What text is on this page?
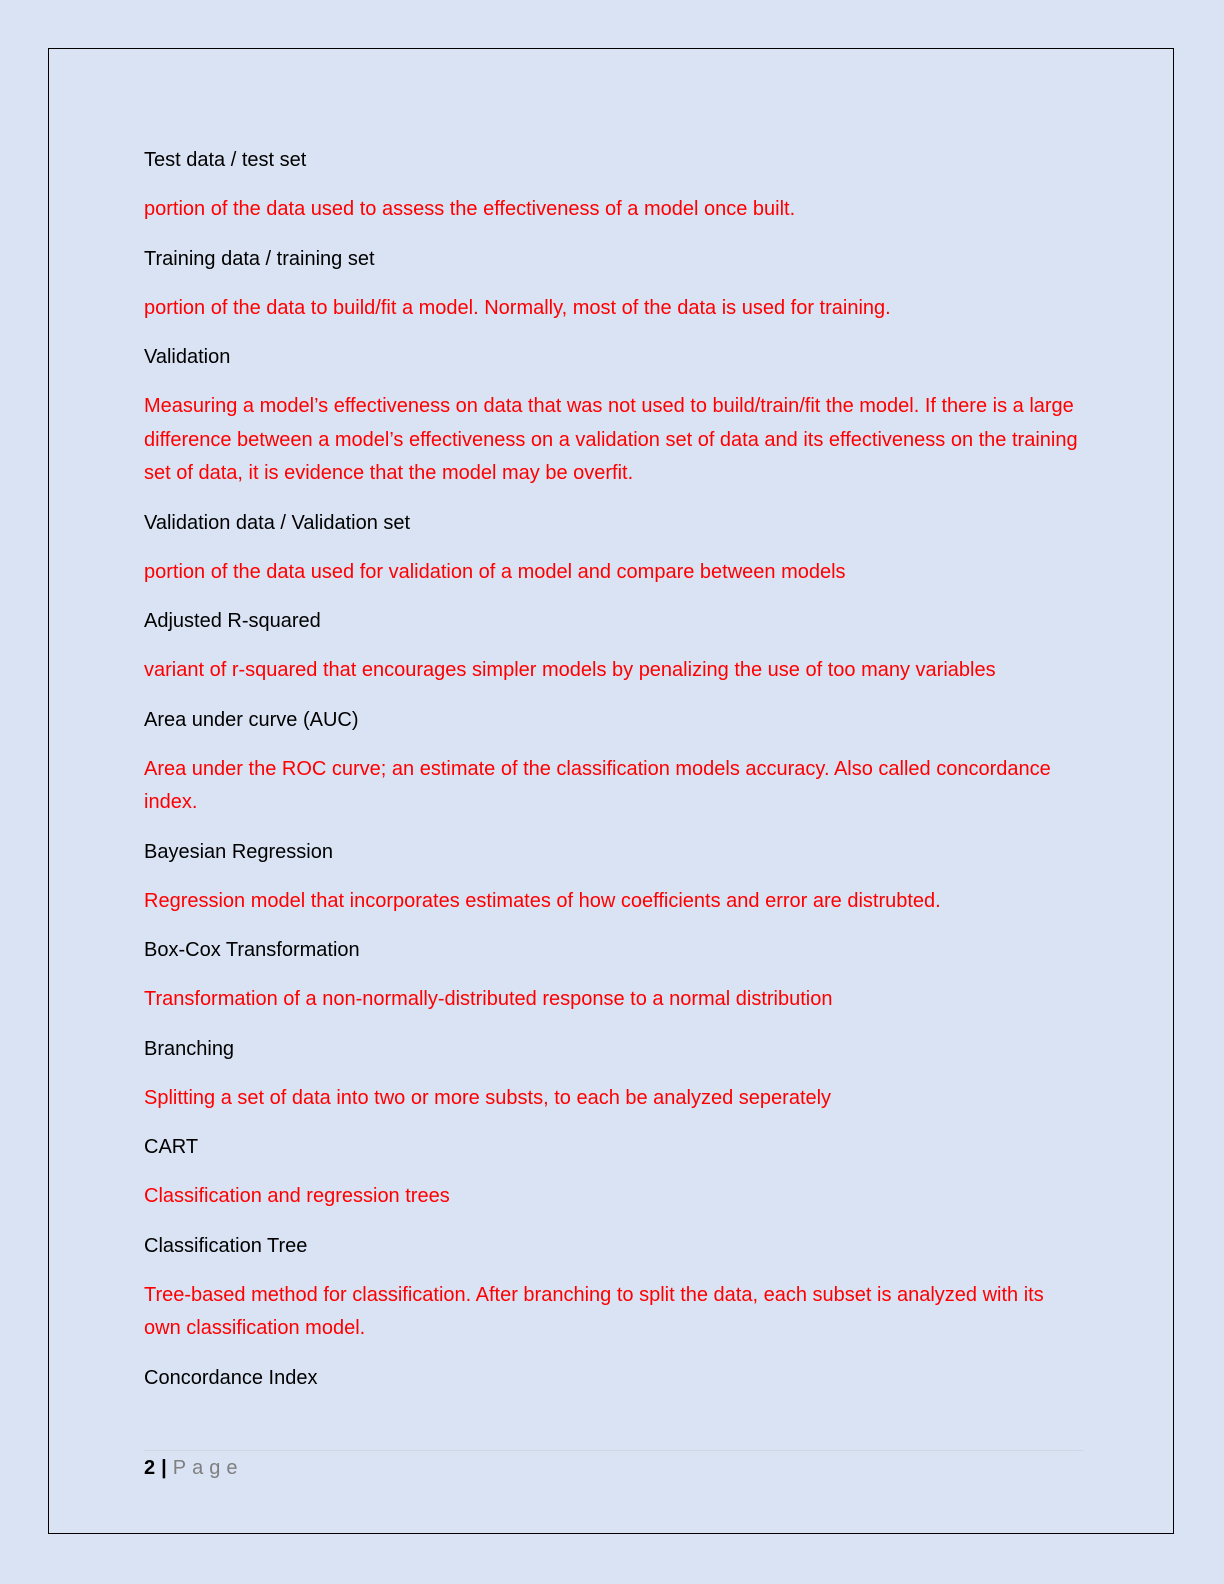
Test data / test set

portion of the data used to assess the effectiveness of a model once built.

Training data / training set

portion of the data to build/fit a model. Normally, most of the data is used for training.

Validation

Measuring a model’s effectiveness on data that was not used to build/train/fit the model. If there is a large difference between a model’s effectiveness on a validation set of data and its effectiveness on the training set of data, it is evidence that the model may be overfit.

Validation data / Validation set

portion of the data used for validation of a model and compare between models

Adjusted R-squared

variant of r-squared that encourages simpler models by penalizing the use of too many variables

Area under curve (AUC)

Area under the ROC curve; an estimate of the classification models accuracy. Also called concordance index.

Bayesian Regression

Regression model that incorporates estimates of how coefficients and error are distrubted.

Box-Cox Transformation

Transformation of a non-normally-distributed response to a normal distribution

Branching

Splitting a set of data into two or more substs, to each be analyzed seperately

CART

Classification and regression trees

Classification Tree

Tree-based method for classification. After branching to split the data, each subset is analyzed with its own classification model.

Concordance Index

2 | Page
